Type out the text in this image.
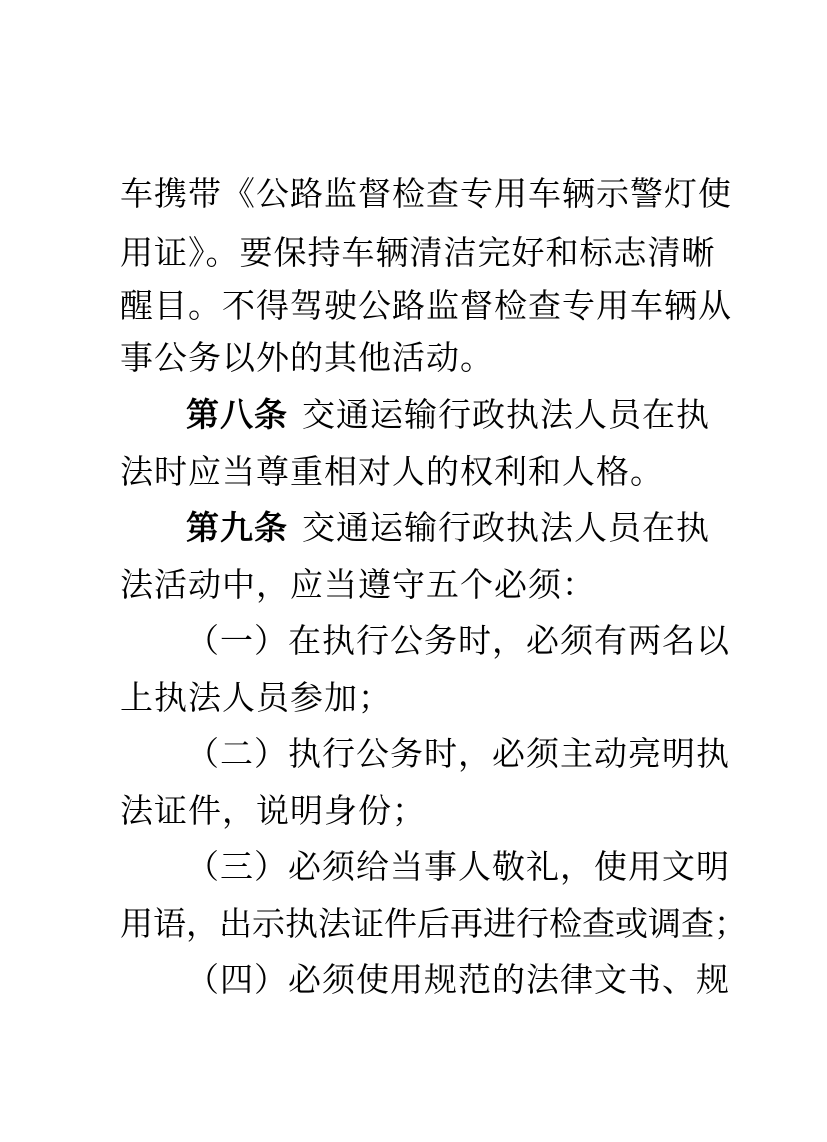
车携带《公路监督检查专用车辆示警灯使
用证》。要保持车辆清洁完好和标志清晰
醒目。不得驾驶公路监督检查专用车辆从
事公务以外的其他活动。
第八条 交通运输行政执法人员在执
法时应当尊重相对人的权利和人格。
第九条 交通运输行政执法人员在执
法活动中，应当遵守五个必须：
（一）在执行公务时，必须有两名以
上执法人员参加；
（二）执行公务时，必须主动亮明执
法证件，说明身份；
（三）必须给当事人敬礼，使用文明
用语，出示执法证件后再进行检查或调查；
（四）必须使用规范的法律文书、规
